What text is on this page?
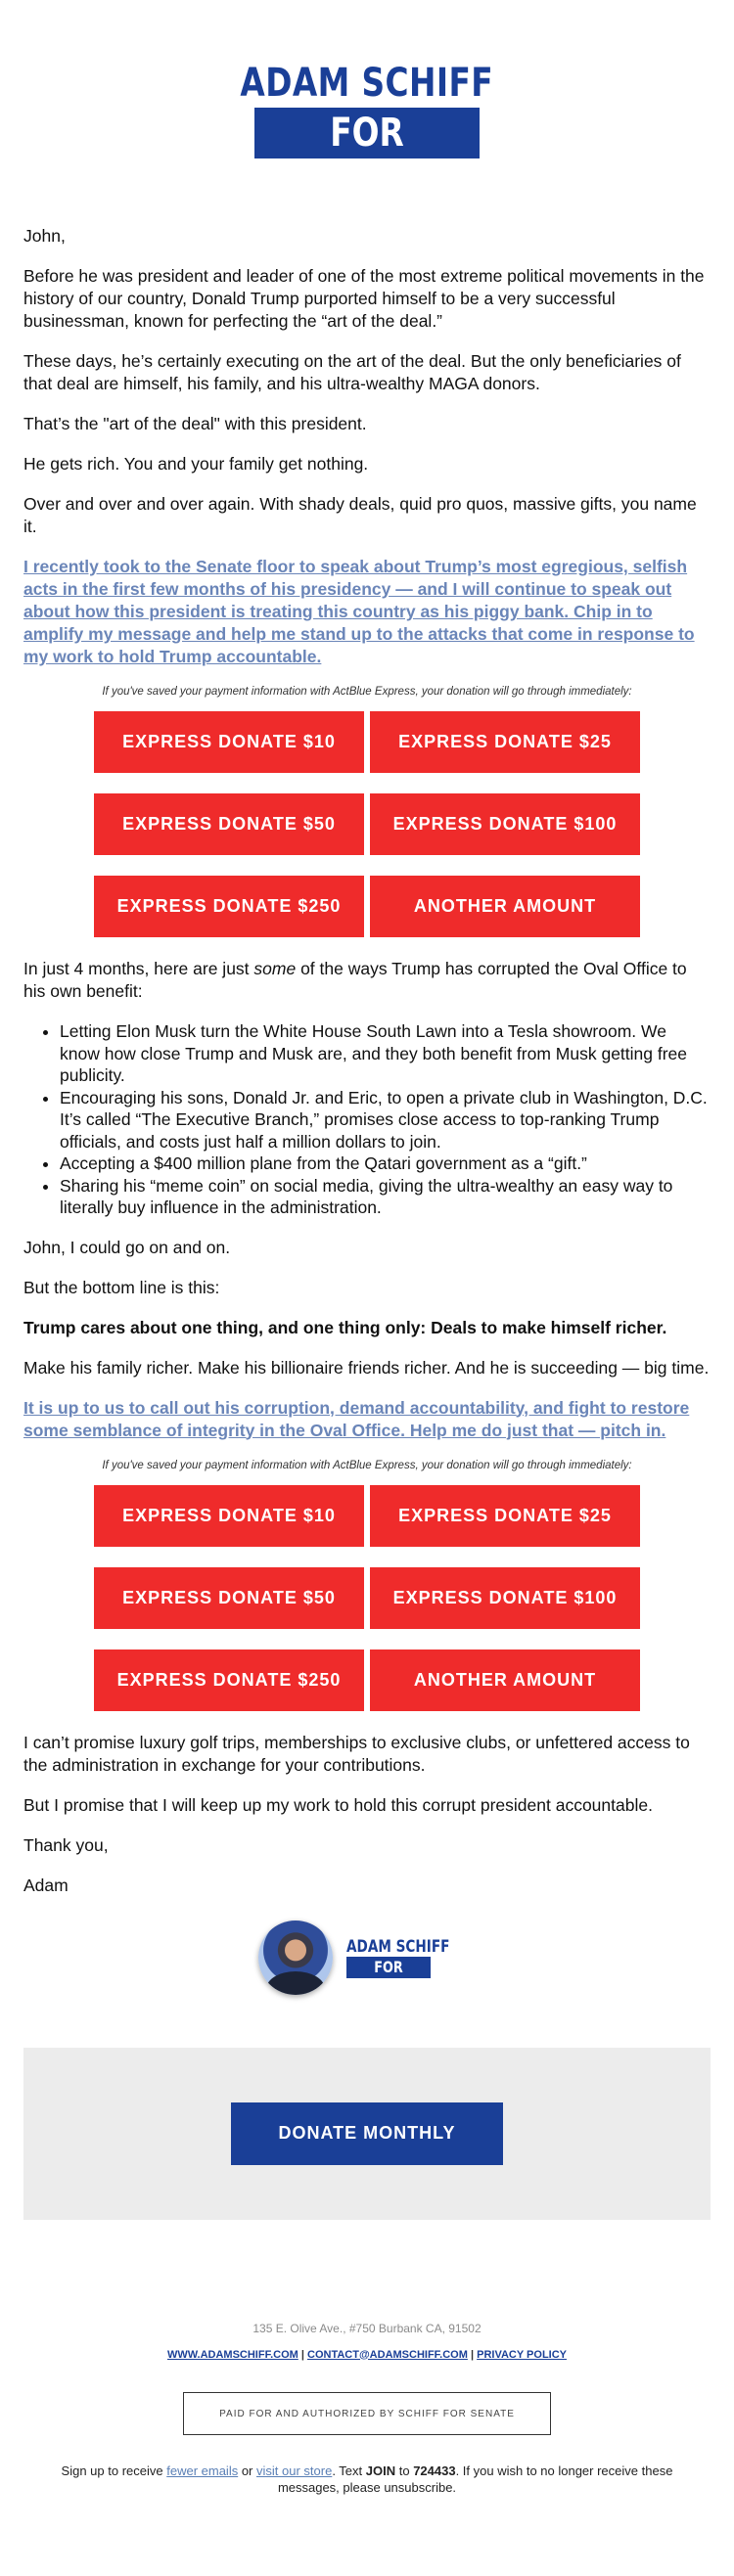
ADAM SCHIFF
FOR SENATE

John,

Before he was president and leader of one of the most extreme political movements in the history of our country, Donald Trump purported himself to be a very successful businessman, known for perfecting the “art of the deal.”

These days, he’s certainly executing on the art of the deal. But the only beneficiaries of that deal are himself, his family, and his ultra-wealthy MAGA donors.

That’s the "art of the deal" with this president.

He gets rich. You and your family get nothing.

Over and over and over again. With shady deals, quid pro quos, massive gifts, you name it.

I recently took to the Senate floor to speak about Trump’s most egregious, selfish acts in the first few months of his presidency — and I will continue to speak out about how this president is treating this country as his piggy bank. Chip in to amplify my message and help me stand up to the attacks that come in response to my work to hold Trump accountable.

If you've saved your payment information with ActBlue Express, your donation will go through immediately:
EXPRESS DONATE $10	EXPRESS DONATE $25
EXPRESS DONATE $50	EXPRESS DONATE $100
EXPRESS DONATE $250	ANOTHER AMOUNT

In just 4 months, here are just some of the ways Trump has corrupted the Oval Office to his own benefit:

• Letting Elon Musk turn the White House South Lawn into a Tesla showroom. We know how close Trump and Musk are, and they both benefit from Musk getting free publicity.
• Encouraging his sons, Donald Jr. and Eric, to open a private club in Washington, D.C. It’s called “The Executive Branch,” promises close access to top-ranking Trump officials, and costs just half a million dollars to join.
• Accepting a $400 million plane from the Qatari government as a “gift.”
• Sharing his “meme coin” on social media, giving the ultra-wealthy an easy way to literally buy influence in the administration.

John, I could go on and on.

But the bottom line is this:

Trump cares about one thing, and one thing only: Deals to make himself richer.

Make his family richer. Make his billionaire friends richer. And he is succeeding — big time.

It is up to us to call out his corruption, demand accountability, and fight to restore some semblance of integrity in the Oval Office. Help me do just that — pitch in.

If you've saved your payment information with ActBlue Express, your donation will go through immediately:
EXPRESS DONATE $10	EXPRESS DONATE $25
EXPRESS DONATE $50	EXPRESS DONATE $100
EXPRESS DONATE $250	ANOTHER AMOUNT

I can’t promise luxury golf trips, memberships to exclusive clubs, or unfettered access to the administration in exchange for your contributions.

But I promise that I will keep up my work to hold this corrupt president accountable.

Thank you,

Adam

ADAM SCHIFF
FOR SENATE
DONATE MONTHLY
135 E. Olive Ave., #750 Burbank CA, 91502
WWW.ADAMSCHIFF.COM | CONTACT@ADAMSCHIFF.COM | PRIVACY POLICY
PAID FOR AND AUTHORIZED BY SCHIFF FOR SENATE
Sign up to receive fewer emails or visit our store. Text JOIN to 724433. If you wish to no longer receive these messages, please unsubscribe.
